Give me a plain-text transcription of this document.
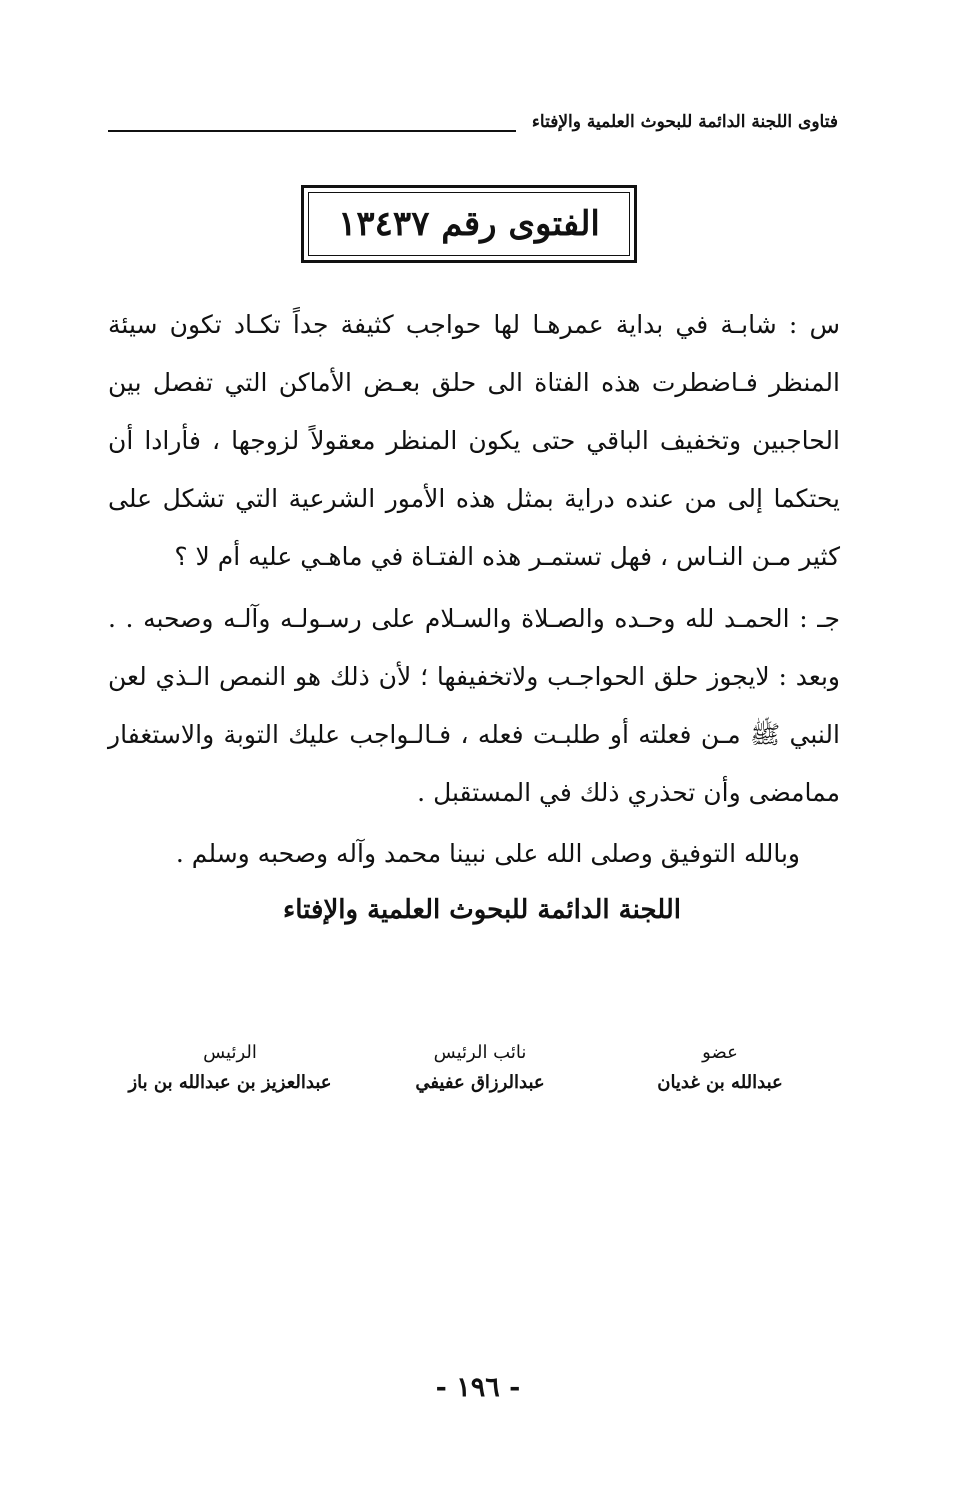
فتاوى اللجنة الدائمة للبحوث العلمية والإفتاء
الفتوى رقم ١٣٤٣٧

س : شابـة في بداية عمرهـا لها حواجب كثيفة جداً تكـاد تكون سيئة المنظر فـاضطرت هذه الفتاة الى حلق بعـض الأماكن التي تفصل بين الحاجبين وتخفيف الباقي حتى يكون المنظر معقولاً لزوجها ، فأرادا أن يحتكما إلى من عنده دراية بمثل هذه الأمور الشرعية التي تشكل على كثير مـن النـاس ، فهل تستمـر هذه الفتـاة في ماهـي عليه أم لا ؟

جـ : الحمـد لله وحـده والصـلاة والسـلام على رسـولـه وآلـه وصحبه . . وبعد : لايجوز حلق الحواجـب ولاتخفيفها ؛ لأن ذلك هو النمص الـذي لعن النبي ﷺ مـن فعلته أو طلبـت فعله ، فـالـواجب عليك التوبة والاستغفار ممامضى وأن تحذري ذلك في المستقبل .

وبالله التوفيق وصلى الله على نبينا محمد وآله وصحبه وسلم .
اللجنة الدائمة للبحوث العلمية والإفتاء
عضو
عبدالله بن غديان
نائب الرئيس
عبدالرزاق عفيفي
الرئيس
عبدالعزيز بن عبدالله بن باز
- ١٩٦ -
